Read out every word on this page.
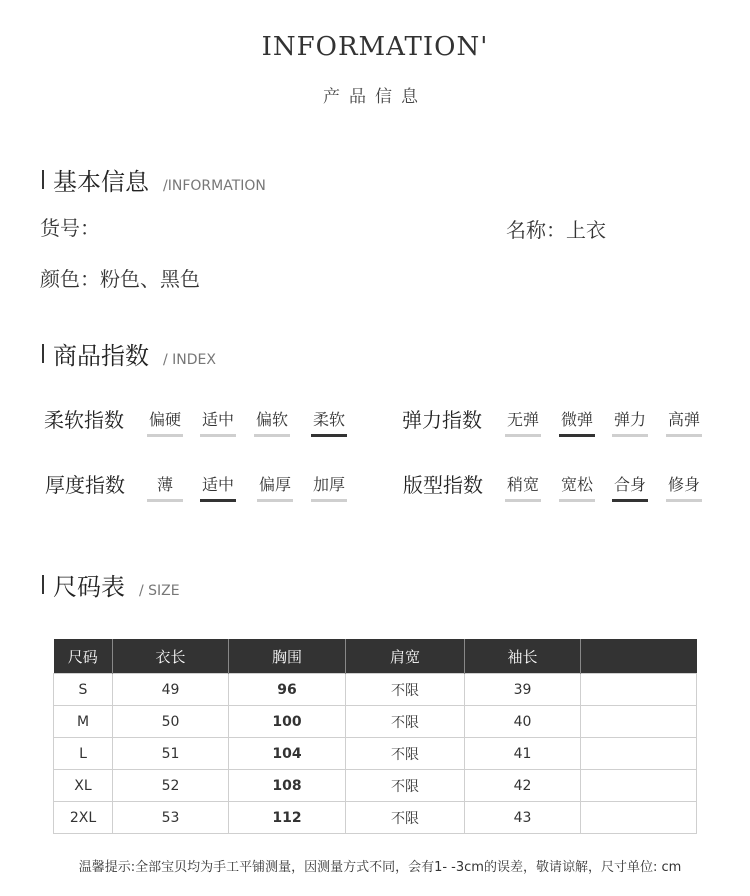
INFORMATION'
产品信息
基本信息 /INFORMATION
货号：	名称：上衣
颜色：粉色、黑色
商品指数 / INDEX
柔软指数 偏硬 适中 偏软 柔软	弹力指数 无弹 微弹 弹力 高弹
厚度指数	薄	适中 偏厚 加厚	版型指数 稍宽 宽松 合身 修身
尺码表 / SIZE
尺码	衣长	胸围	肩宽	袖长	
S	49	96	不限	39	
M	50	100	不限	40	
L	51	104	不限	41	
XL	52	108	不限	42	
2XL	53	112	不限	43	
温馨提示:全部宝贝均为手工平铺测量，因测量方式不同，会有1- -3cm的误差，敬请谅解，尺寸单位: cm
